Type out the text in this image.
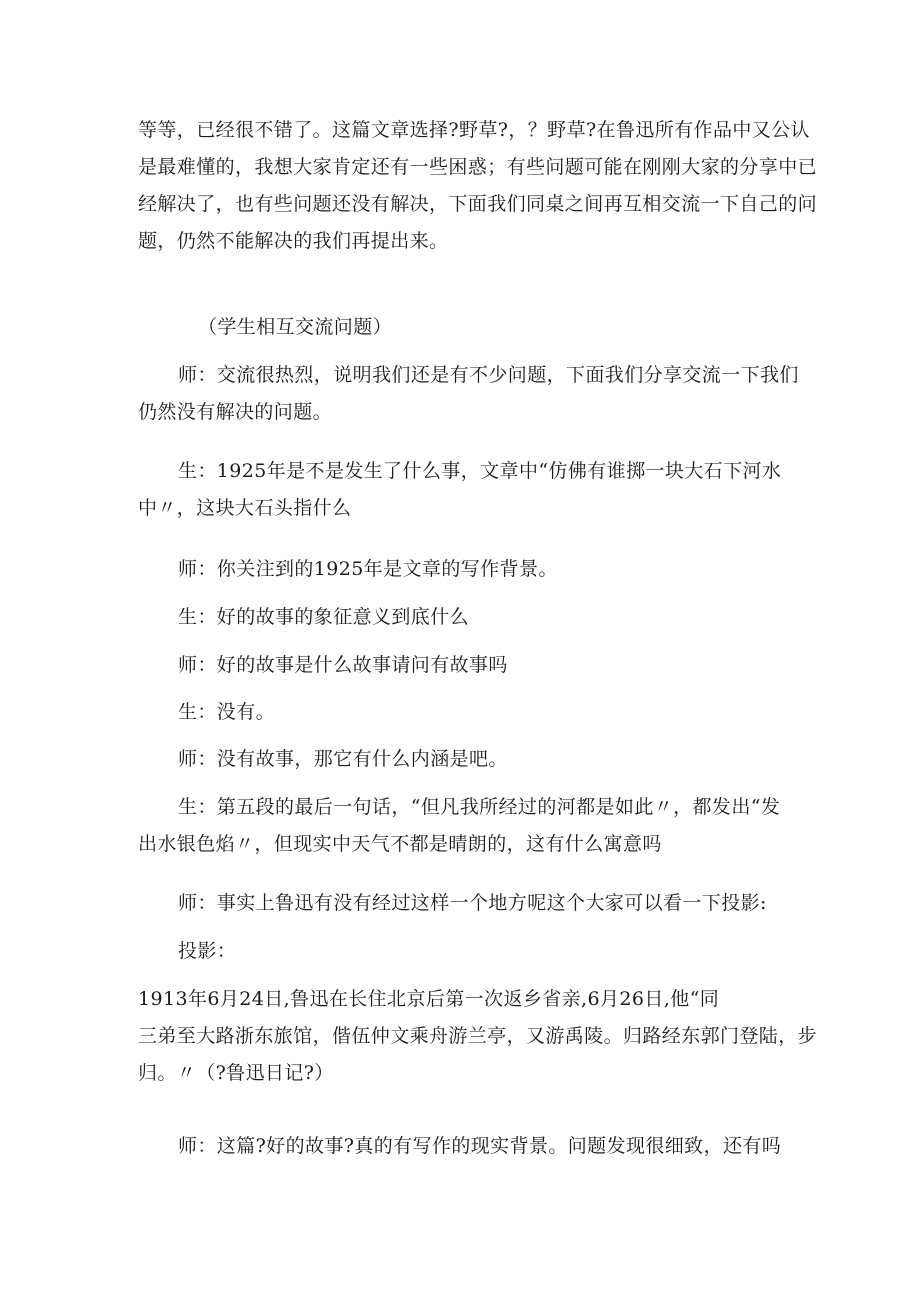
等等，已经很不错了。这篇文章选择?野草?，？野草?在鲁迅所有作品中又公认
是最难懂的，我想大家肯定还有一些困惑；有些问题可能在刚刚大家的分享中已
经解决了，也有些问题还没有解决，下面我们同桌之间再互相交流一下自己的问
题，仍然不能解决的我们再提出来。
（学生相互交流问题）
师：交流很热烈，说明我们还是有不少问题，下面我们分享交流一下我们
仍然没有解决的问题。
生：1925年是不是发生了什么事，文章中“仿佛有谁掷一块大石下河水
中〃，这块大石头指什么
师：你关注到的1925年是文章的写作背景。
生：好的故事的象征意义到底什么
师：好的故事是什么故事请问有故事吗
生：没有。
师：没有故事，那它有什么内涵是吧。
生：第五段的最后一句话，“但凡我所经过的河都是如此〃，都发出“发
出水银色焰〃，但现实中天气不都是晴朗的，这有什么寓意吗
师：事实上鲁迅有没有经过这样一个地方呢这个大家可以看一下投影:
投影：
1913年6月24日,鲁迅在长住北京后第一次返乡省亲,6月26日,他“同
三弟至大路浙东旅馆，偕伍仲文乘舟游兰亭，又游禹陵。归路经东郭门登陆，步
归。〃（?鲁迅日记?）
师：这篇?好的故事?真的有写作的现实背景。问题发现很细致，还有吗
